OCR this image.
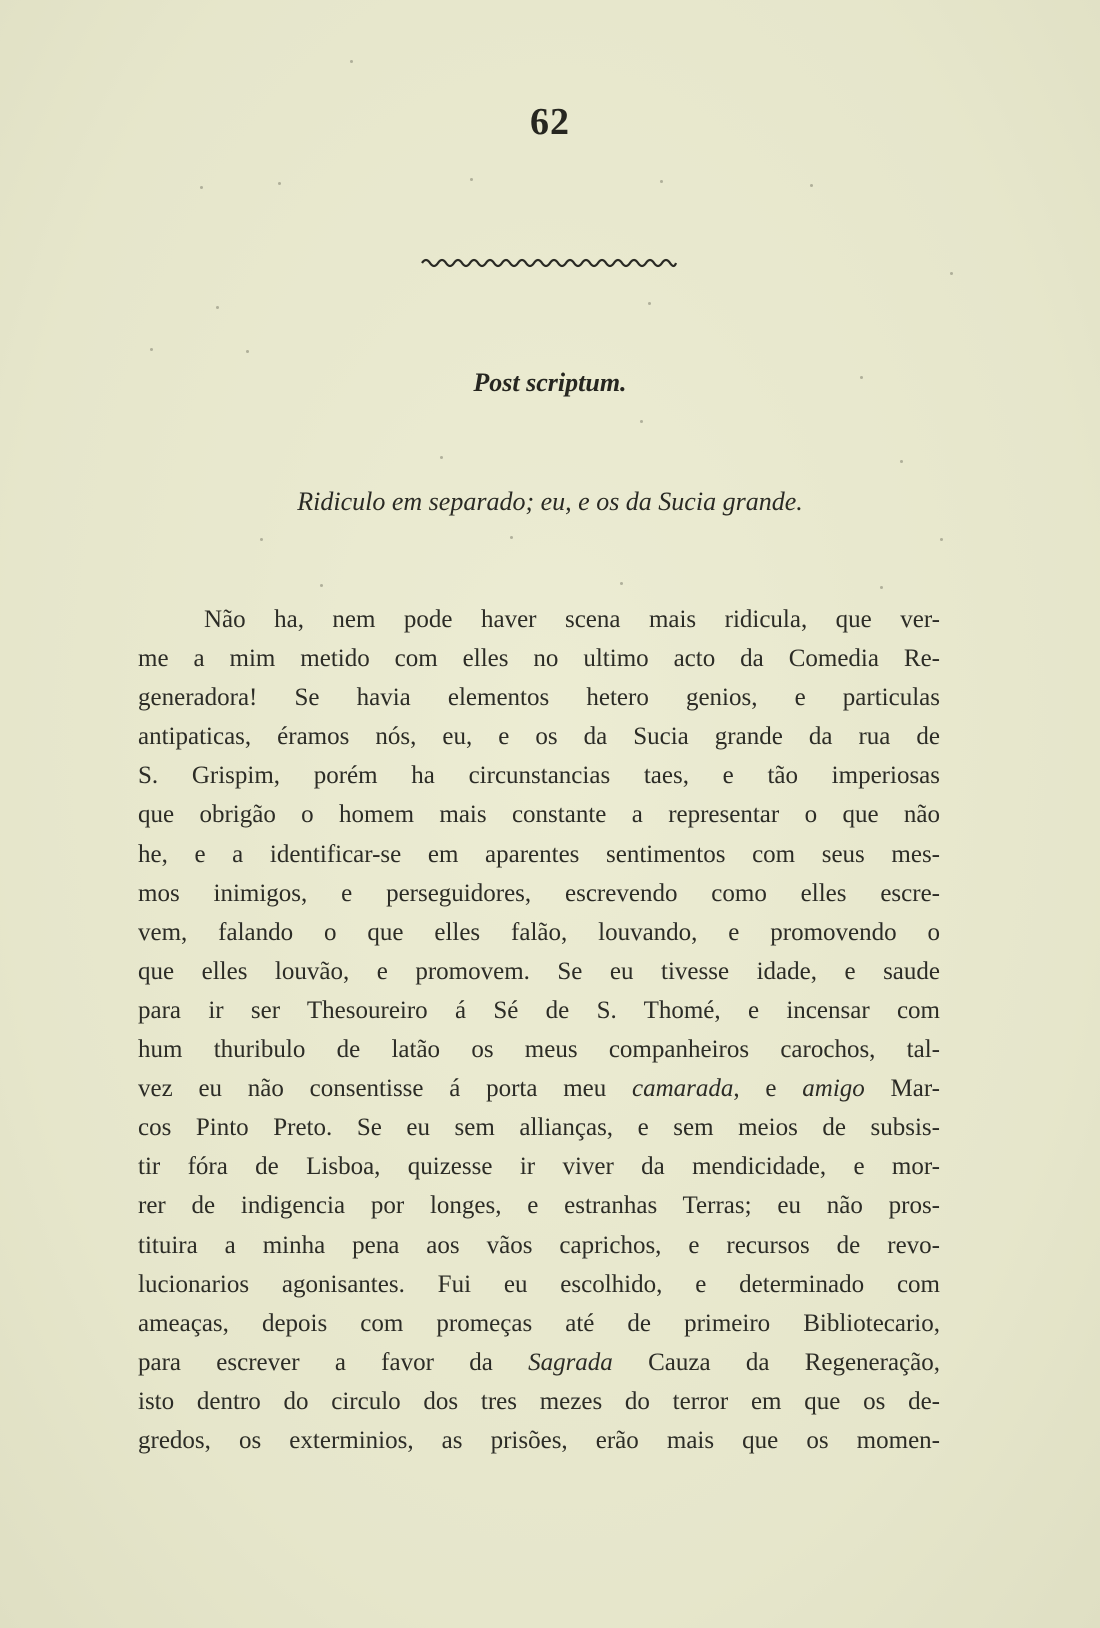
62
Post scriptum.
Ridiculo em separado; eu, e os da Sucia grande.
Não ha, nem pode haver scena mais ridicula, que ver-
me a mim metido com elles no ultimo acto da Comedia Re-
generadora! Se havia elementos hetero genios, e particulas
antipaticas, éramos nós, eu, e os da Sucia grande da rua de
S. Grispim, porém ha circunstancias taes, e tão imperiosas
que obrigão o homem mais constante a representar o que não
he, e a identificar-se em aparentes sentimentos com seus mes-
mos inimigos, e perseguidores, escrevendo como elles escre-
vem, falando o que elles falão, louvando, e promovendo o
que elles louvão, e promovem. Se eu tivesse idade, e saude
para ir ser Thesoureiro á Sé de S. Thomé, e incensar com
hum thuribulo de latão os meus companheiros carochos, tal-
vez eu não consentisse á porta meu camarada, e amigo Mar-
cos Pinto Preto. Se eu sem allianças, e sem meios de subsis-
tir fóra de Lisboa, quizesse ir viver da mendicidade, e mor-
rer de indigencia por longes, e estranhas Terras; eu não pros-
tituira a minha pena aos vãos caprichos, e recursos de revo-
lucionarios agonisantes. Fui eu escolhido, e determinado com
ameaças, depois com promeças até de primeiro Bibliotecario,
para escrever a favor da Sagrada Cauza da Regeneração,
isto dentro do circulo dos tres mezes do terror em que os de-
gredos, os exterminios, as prisões, erão mais que os momen-
